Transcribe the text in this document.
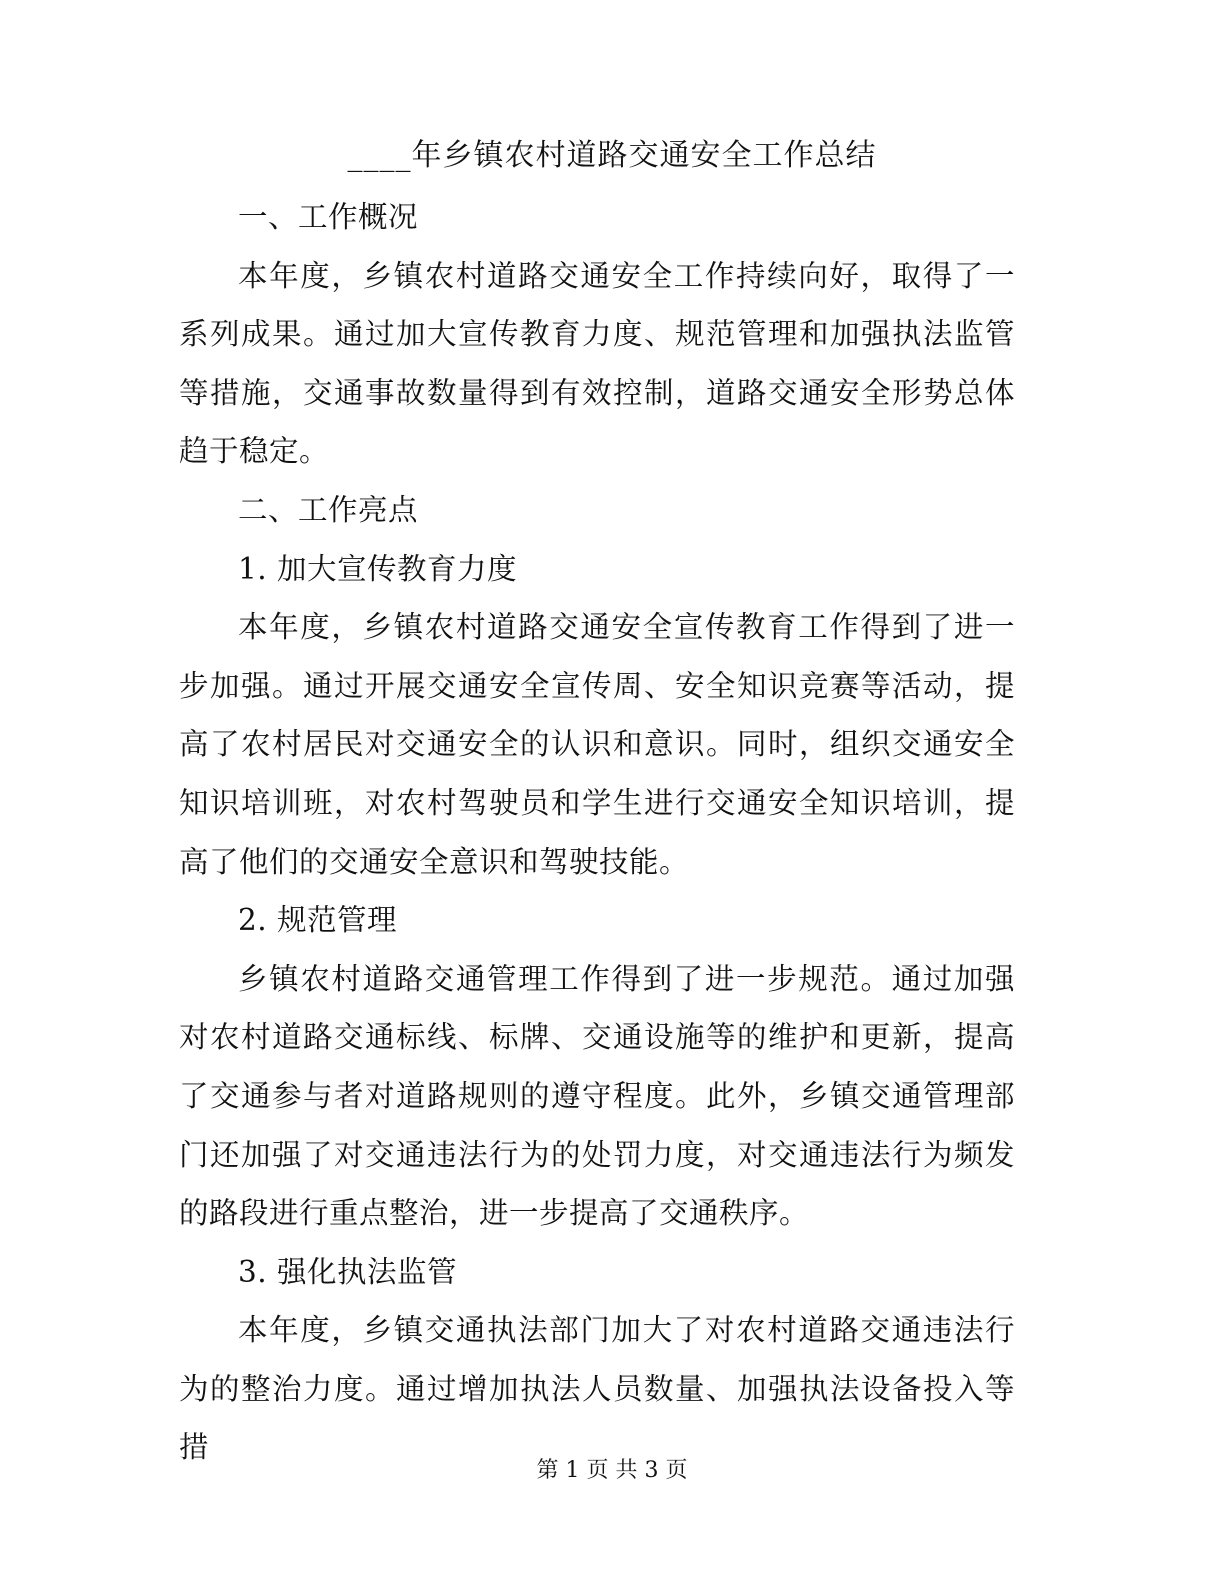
____年乡镇农村道路交通安全工作总结

一、工作概况

本年度，乡镇农村道路交通安全工作持续向好，取得了一系列成果。通过加大宣传教育力度、规范管理和加强执法监管等措施，交通事故数量得到有效控制，道路交通安全形势总体趋于稳定。

二、工作亮点

1. 加大宣传教育力度

本年度，乡镇农村道路交通安全宣传教育工作得到了进一步加强。通过开展交通安全宣传周、安全知识竞赛等活动，提高了农村居民对交通安全的认识和意识。同时，组织交通安全知识培训班，对农村驾驶员和学生进行交通安全知识培训，提高了他们的交通安全意识和驾驶技能。

2. 规范管理

乡镇农村道路交通管理工作得到了进一步规范。通过加强对农村道路交通标线、标牌、交通设施等的维护和更新，提高了交通参与者对道路规则的遵守程度。此外，乡镇交通管理部门还加强了对交通违法行为的处罚力度，对交通违法行为频发的路段进行重点整治，进一步提高了交通秩序。

3. 强化执法监管

本年度，乡镇交通执法部门加大了对农村道路交通违法行为的整治力度。通过增加执法人员数量、加强执法设备投入等措

第 1 页 共 3 页
